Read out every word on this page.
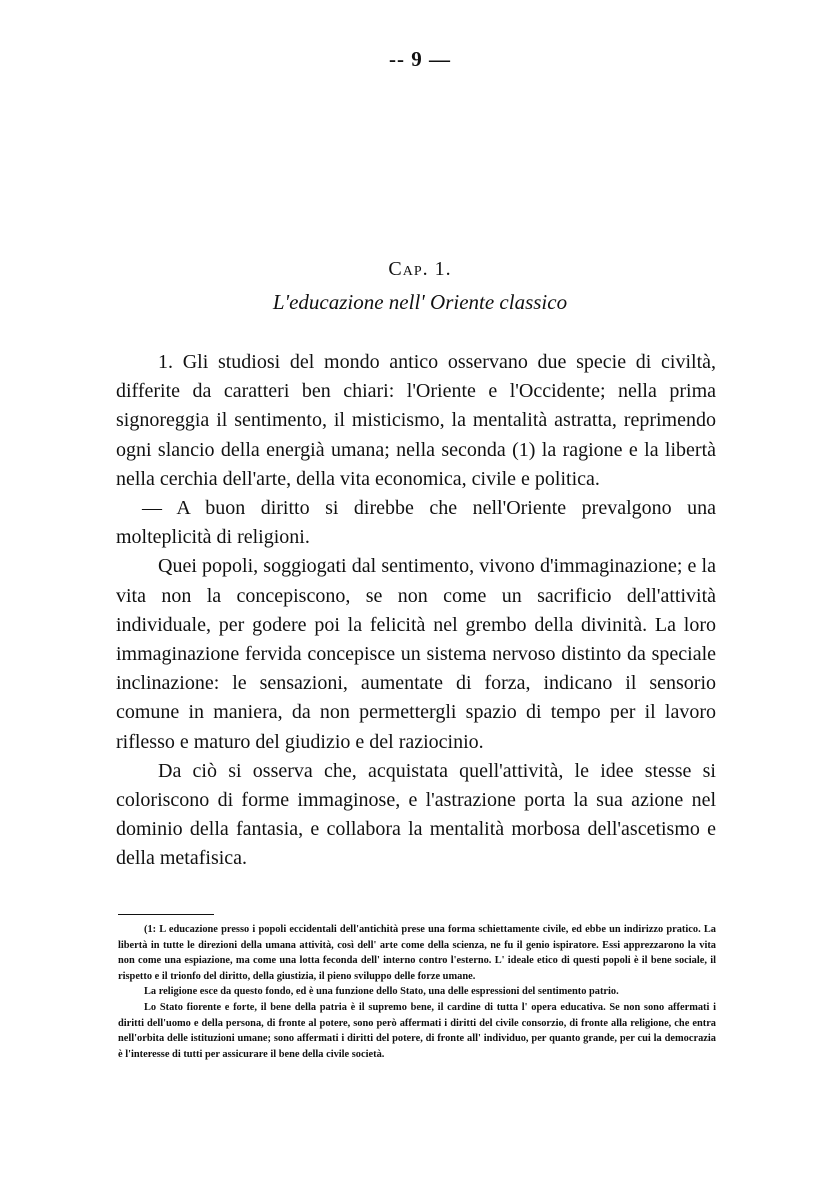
-- 9 —
Cap. 1.
L'educazione nell' Oriente classico

1. Gli studiosi del mondo antico osservano due specie di civiltà, differite da caratteri ben chiari: l'Oriente e l'Occidente; nella prima signoreggia il sentimento, il misticismo, la mentalità astratta, reprimendo ogni slancio della energià umana; nella seconda (1) la ragione e la libertà nella cerchia dell'arte, della vita economica, civile e politica.

— A buon diritto si direbbe che nell'Oriente prevalgono una molteplicità di religioni.

Quei popoli, soggiogati dal sentimento, vivono d'immaginazione; e la vita non la concepiscono, se non come un sacrificio dell'attività individuale, per godere poi la felicità nel grembo della divinità. La loro immaginazione fervida concepisce un sistema nervoso distinto da speciale inclinazione: le sensazioni, aumentate di forza, indicano il sensorio comune in maniera, da non permettergli spazio di tempo per il lavoro riflesso e maturo del giudizio e del raziocinio.

Da ciò si osserva che, acquistata quell'attività, le idee stesse si coloriscono di forme immaginose, e l'astrazione porta la sua azione nel dominio della fantasia, e collabora la mentalità morbosa dell'ascetismo e della metafisica.

(1: L educazione presso i popoli eccidentali dell'antichità prese una forma schiettamente civile, ed ebbe un indirizzo pratico. La libertà in tutte le direzioni della umana attività, così dell' arte come della scienza, ne fu il genio ispiratore. Essi apprezzarono la vita non come una espiazione, ma come una lotta feconda dell' interno contro l'esterno. L' ideale etico di questi popoli è il bene sociale, il rispetto e il trionfo del diritto, della giustizia, il pieno sviluppo delle forze umane.

La religione esce da questo fondo, ed è una funzione dello Stato, una delle espressioni del sentimento patrio.

Lo Stato fiorente e forte, il bene della patria è il supremo bene, il cardine di tutta l' opera educativa. Se non sono affermati i diritti dell'uomo e della persona, di fronte al potere, sono però affermati i diritti del civile consorzio, di fronte alla religione, che entra nell'orbita delle istituzioni umane; sono affermati i diritti del potere, di fronte all' individuo, per quanto grande, per cui la democrazia è l'interesse di tutti per assicurare il bene della civile società.
